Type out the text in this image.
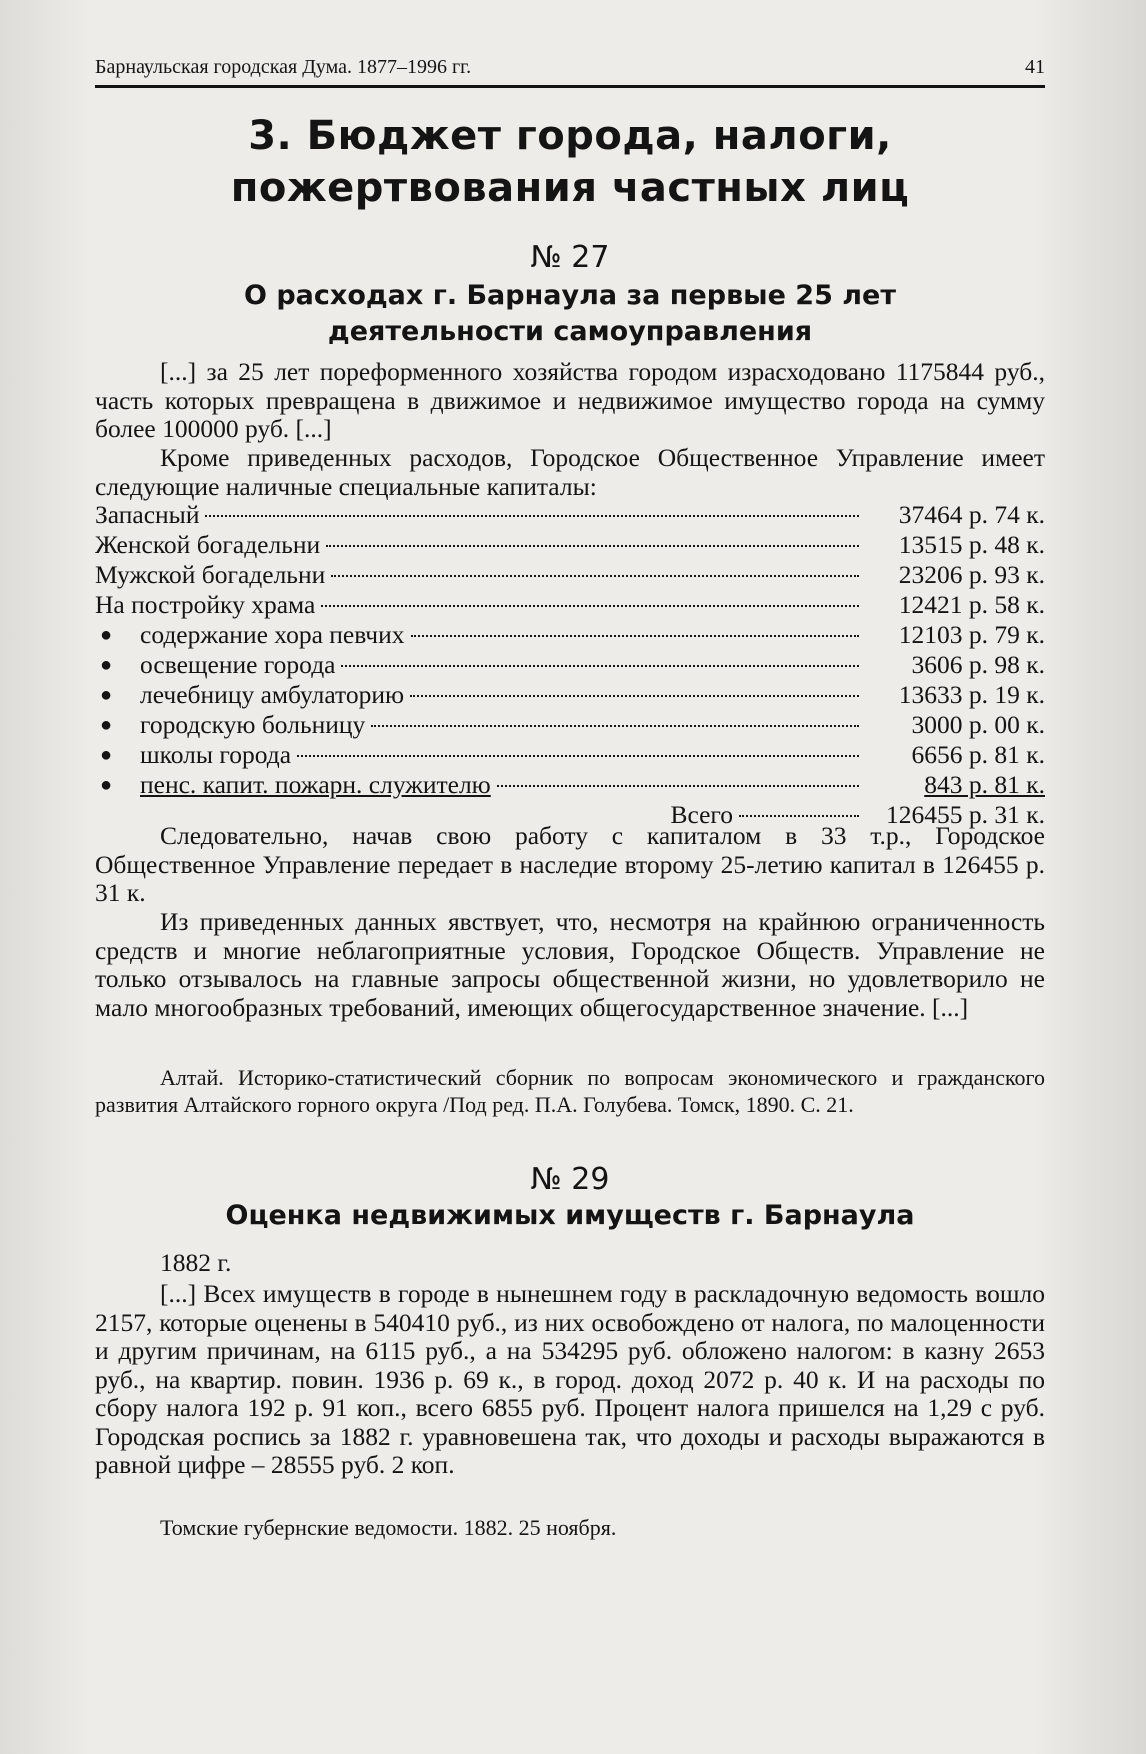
Барнаульская городская Дума. 1877–1996 гг.	41
3. Бюджет города, налоги,
пожертвования частных лиц
№ 27
О расходах г. Барнаула за первые 25 лет
деятельности самоуправления
[...] за 25 лет пореформенного хозяйства городом израсходовано 1175844 руб., часть которых превращена в движимое и недвижимое имущество города на сумму более 100000 руб. [...]
Кроме приведенных расходов, Городское Общественное Управление имеет следующие наличные специальные капиталы:
Запасный	37464 р. 74 к.
Женской богадельни	13515 р. 48 к.
Мужской богадельни	23206 р. 93 к.
На постройку храма	12421 р. 58 к.
● содержание хора певчих	12103 р. 79 к.
● освещение города	3606 р. 98 к.
● лечебницу амбулаторию	13633 р. 19 к.
● городскую больницу	3000 р. 00 к.
● школы города	6656 р. 81 к.
● пенс. капит. пожарн. служителю	843 р. 81 к.
Всего	126455 р. 31 к.
Следовательно, начав свою работу с капиталом в 33 т.р., Городское Общественное Управление передает в наследие второму 25-летию капитал в 126455 р. 31 к.
Из приведенных данных явствует, что, несмотря на крайнюю ограниченность средств и многие неблагоприятные условия, Городское Обществ. Управление не только отзывалось на главные запросы общественной жизни, но удовлетворило не мало многообразных требований, имеющих общегосударственное значение. [...]
Алтай. Историко-статистический сборник по вопросам экономического и гражданского развития Алтайского горного округа /Под ред. П.А. Голубева. Томск, 1890. С. 21.
№ 29
Оценка недвижимых имуществ г. Барнаула
1882 г.
[...] Всех имуществ в городе в нынешнем году в раскладочную ведомость вошло 2157, которые оценены в 540410 руб., из них освобождено от налога, по малоценности и другим причинам, на 6115 руб., а на 534295 руб. обложено налогом: в казну 2653 руб., на квартир. повин. 1936 р. 69 к., в город. доход 2072 р. 40 к. И на расходы по сбору налога 192 р. 91 коп., всего 6855 руб. Процент налога пришелся на 1,29 с руб. Городская роспись за 1882 г. уравновешена так, что доходы и расходы выражаются в равной цифре – 28555 руб. 2 коп.
Томские губернские ведомости. 1882. 25 ноября.
